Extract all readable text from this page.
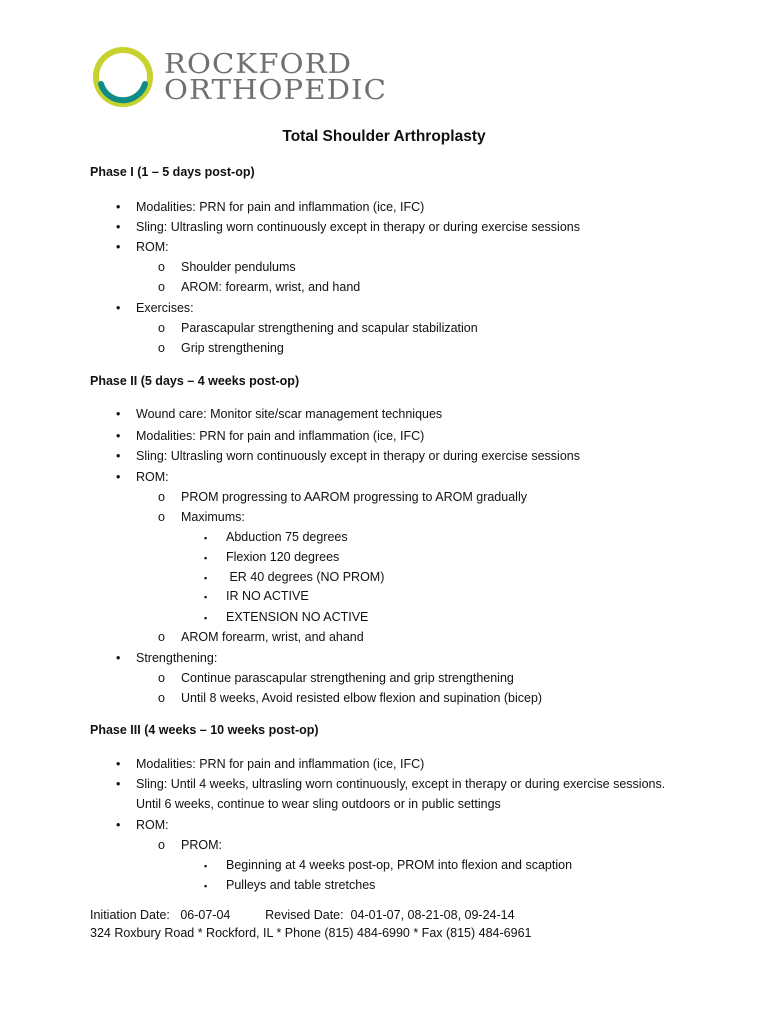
ROCKFORD
ORTHOPEDIC
Total Shoulder Arthroplasty
Phase I (1 – 5 days post-op)
• Modalities: PRN for pain and inflammation (ice, IFC)
• Sling: Ultrasling worn continuously except in therapy or during exercise sessions
• ROM:
o Shoulder pendulums
o AROM: forearm, wrist, and hand
• Exercises:
o Parascapular strengthening and scapular stabilization
o Grip strengthening
Phase II (5 days – 4 weeks post-op)
• Wound care: Monitor site/scar management techniques
• Modalities: PRN for pain and inflammation (ice, IFC)
• Sling: Ultrasling worn continuously except in therapy or during exercise sessions
• ROM:
o PROM progressing to AAROM progressing to AROM gradually
o Maximums:
▪ Abduction 75 degrees
▪ Flexion 120 degrees
▪ ER 40 degrees (NO PROM)
▪ IR NO ACTIVE
▪ EXTENSION NO ACTIVE
o AROM forearm, wrist, and ahand
• Strengthening:
o Continue parascapular strengthening and grip strengthening
o Until 8 weeks, Avoid resisted elbow flexion and supination (bicep)
Phase III (4 weeks – 10 weeks post-op)
• Modalities: PRN for pain and inflammation (ice, IFC)
• Sling: Until 4 weeks, ultrasling worn continuously, except in therapy or during exercise sessions.
Until 6 weeks, continue to wear sling outdoors or in public settings
• ROM:
o PROM:
▪ Beginning at 4 weeks post-op, PROM into flexion and scaption
▪ Pulleys and table stretches
Initiation Date:   06-07-04          Revised Date:  04-01-07, 08-21-08, 09-24-14
324 Roxbury Road * Rockford, IL * Phone (815) 484-6990 * Fax (815) 484-6961
